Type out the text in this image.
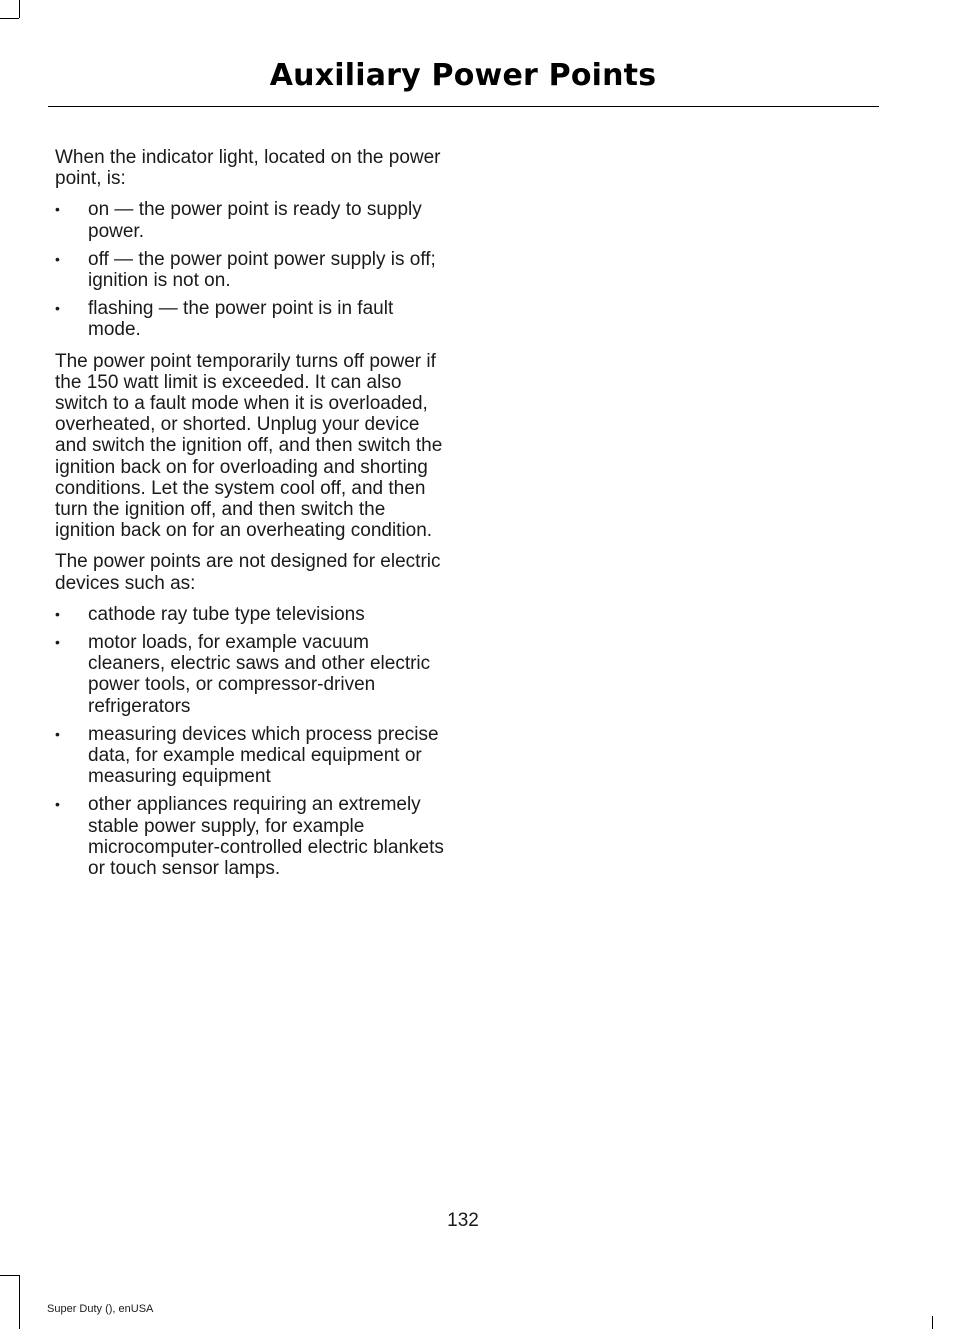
Auxiliary Power Points

When the indicator light, located on the power point, is:

• on — the power point is ready to supply power.
• off — the power point power supply is off; ignition is not on.
• flashing — the power point is in fault mode.

The power point temporarily turns off power if the 150 watt limit is exceeded. It can also switch to a fault mode when it is overloaded, overheated, or shorted. Unplug your device and switch the ignition off, and then switch the ignition back on for overloading and shorting conditions. Let the system cool off, and then turn the ignition off, and then switch the ignition back on for an overheating condition.

The power points are not designed for electric devices such as:

• cathode ray tube type televisions
• motor loads, for example vacuum cleaners, electric saws and other electric power tools, or compressor-driven refrigerators
• measuring devices which process precise data, for example medical equipment or measuring equipment
• other appliances requiring an extremely stable power supply, for example microcomputer-controlled electric blankets or touch sensor lamps.
132
Super Duty (), enUSA
